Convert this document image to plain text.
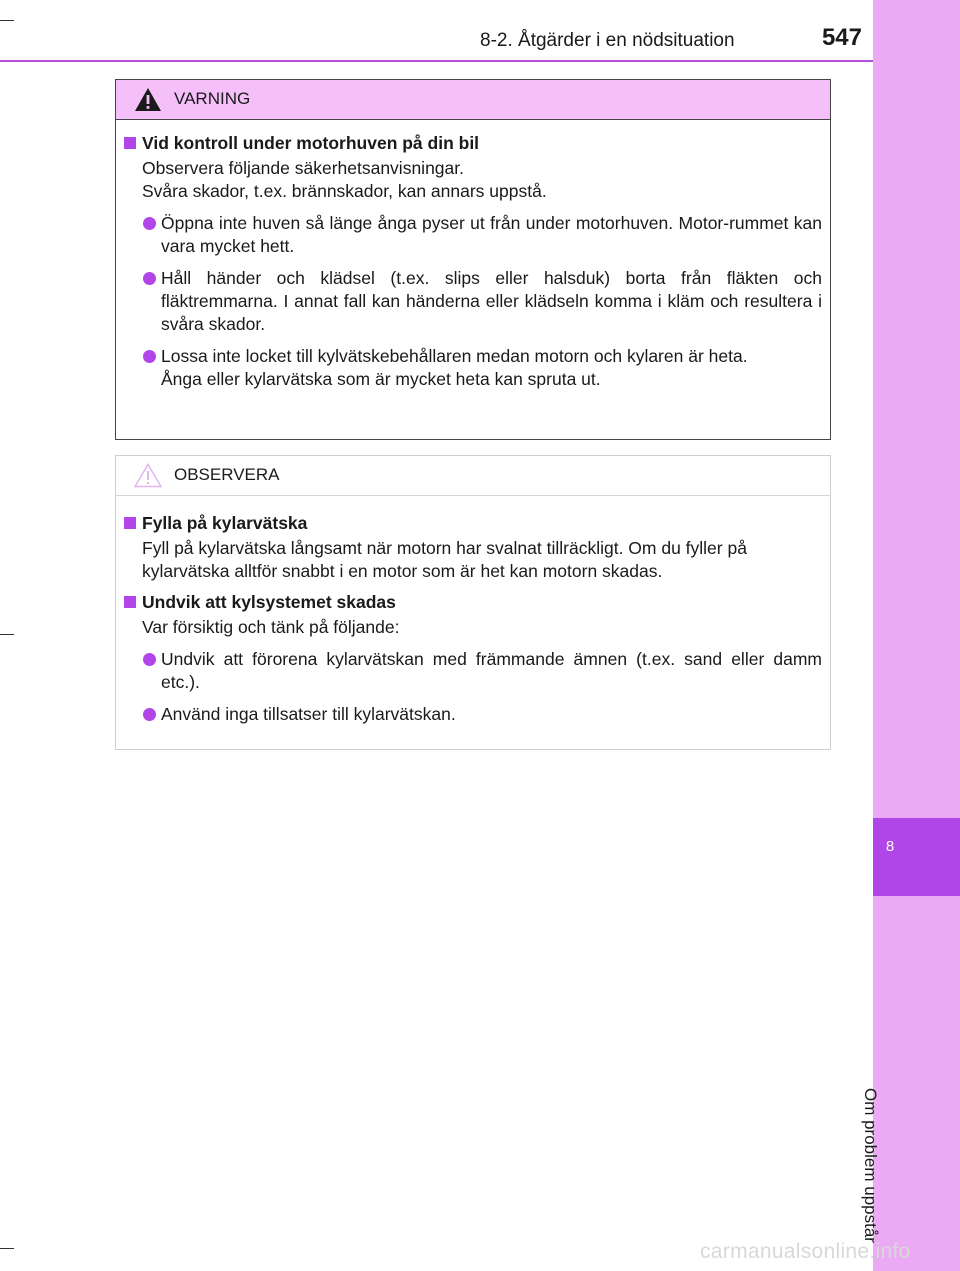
8
Om problem uppstår
8-2. Åtgärder i en nödsituation	547
VARNING

Vid kontroll under motorhuven på din bil

Observera följande säkerhetsanvisningar.

Svåra skador, t.ex. brännskador, kan annars uppstå.

Öppna inte huven så länge ånga pyser ut från under motorhuven. Motor-rummet kan vara mycket hett.
Håll händer och klädsel (t.ex. slips eller halsduk) borta från fläkten och fläktremmarna. I annat fall kan händerna eller klädseln komma i kläm och resultera i svåra skador.
Lossa inte locket till kylvätskebehållaren medan motorn och kylaren är heta.
Ånga eller kylarvätska som är mycket heta kan spruta ut.
OBSERVERA

Fylla på kylarvätska

Fyll på kylarvätska långsamt när motorn har svalnat tillräckligt. Om du fyller på kylarvätska alltför snabbt i en motor som är het kan motorn skadas.

Undvik att kylsystemet skadas

Var försiktig och tänk på följande:

Undvik att förorena kylarvätskan med främmande ämnen (t.ex. sand eller damm etc.).
Använd inga tillsatser till kylarvätskan.
carmanualsonline.info
